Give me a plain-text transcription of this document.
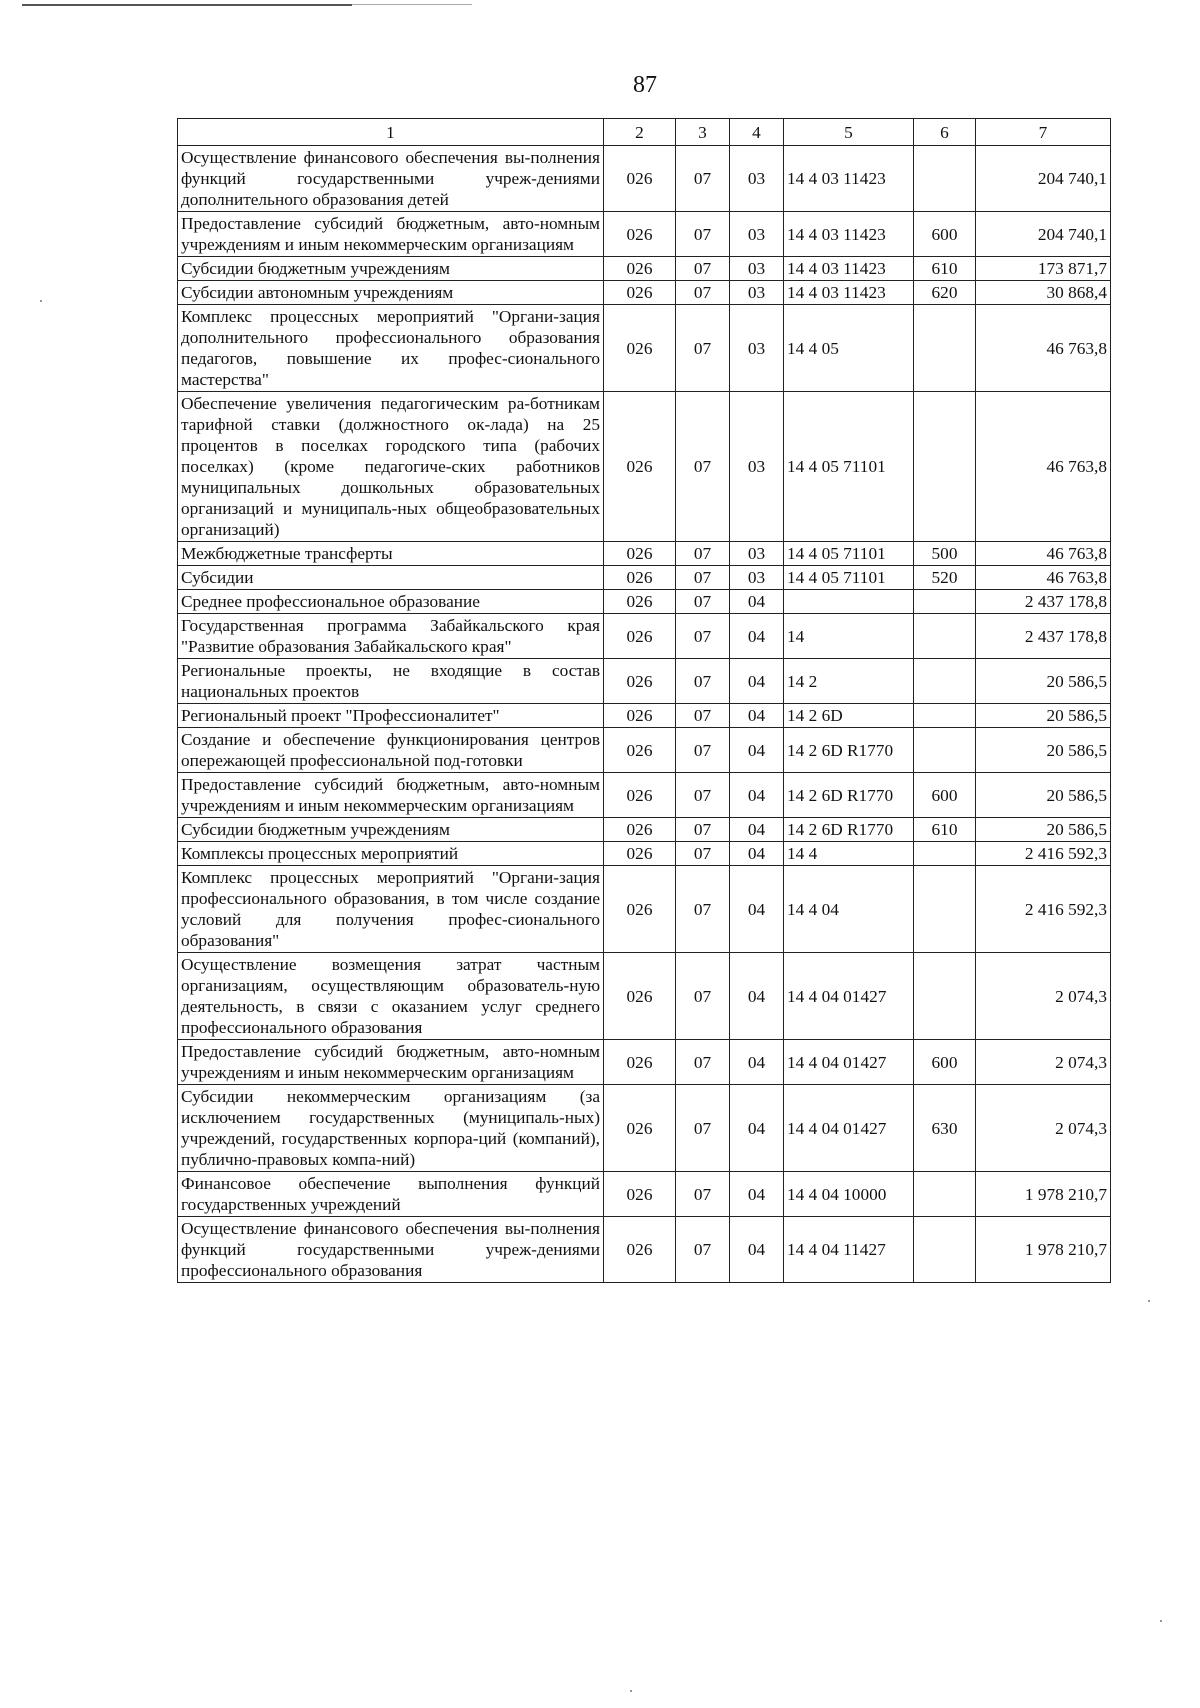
87
1	2	3	4	5	6	7
Осуществление финансового обеспечения вы-​полнения функций государственными учреж-​дениями дополнительного образования детей	026	07	03	14 4 03 11423		204 740,1
Предоставление субсидий бюджетным, авто-​номным учреждениям и иным некоммерческим организациям	026	07	03	14 4 03 11423	600	204 740,1
Субсидии бюджетным учреждениям	026	07	03	14 4 03 11423	610	173 871,7
Субсидии автономным учреждениям	026	07	03	14 4 03 11423	620	30 868,4
Комплекс процессных мероприятий "Органи-​зация дополнительного профессионального образования педагогов, повышение их профес-​сионального мастерства"	026	07	03	14 4 05		46 763,8
Обеспечение увеличения педагогическим ра-​ботникам тарифной ставки (должностного ок-​лада) на 25 процентов в поселках городского типа (рабочих поселках) (кроме педагогиче-​ских работников муниципальных дошкольных образовательных организаций и муниципаль-​ных общеобразовательных организаций)	026	07	03	14 4 05 71101		46 763,8
Межбюджетные трансферты	026	07	03	14 4 05 71101	500	46 763,8
Субсидии	026	07	03	14 4 05 71101	520	46 763,8
Среднее профессиональное образование	026	07	04			2 437 178,8
Государственная программа Забайкальского края "Развитие образования Забайкальского края"	026	07	04	14		2 437 178,8
Региональные проекты, не входящие в состав национальных проектов	026	07	04	14 2		20 586,5
Региональный проект "Профессионалитет"	026	07	04	14 2 6D		20 586,5
Создание и обеспечение функционирования центров опережающей профессиональной под-​готовки	026	07	04	14 2 6D R1770		20 586,5
Предоставление субсидий бюджетным, авто-​номным учреждениям и иным некоммерческим организациям	026	07	04	14 2 6D R1770	600	20 586,5
Субсидии бюджетным учреждениям	026	07	04	14 2 6D R1770	610	20 586,5
Комплексы процессных мероприятий	026	07	04	14 4		2 416 592,3
Комплекс процессных мероприятий "Органи-​зация профессионального образования, в том числе создание условий для получения профес-​сионального образования"	026	07	04	14 4 04		2 416 592,3
Осуществление возмещения затрат частным организациям, осуществляющим образователь-​ную деятельность, в связи с оказанием услуг среднего профессионального образования	026	07	04	14 4 04 01427		2 074,3
Предоставление субсидий бюджетным, авто-​номным учреждениям и иным некоммерческим организациям	026	07	04	14 4 04 01427	600	2 074,3
Субсидии некоммерческим организациям (за исключением государственных (муниципаль-​ных) учреждений, государственных корпора-​ций (компаний), публично-правовых компа-​ний)	026	07	04	14 4 04 01427	630	2 074,3
Финансовое обеспечение выполнения функций государственных учреждений	026	07	04	14 4 04 10000		1 978 210,7
Осуществление финансового обеспечения вы-​полнения функций государственными учреж-​дениями профессионального образования	026	07	04	14 4 04 11427		1 978 210,7
